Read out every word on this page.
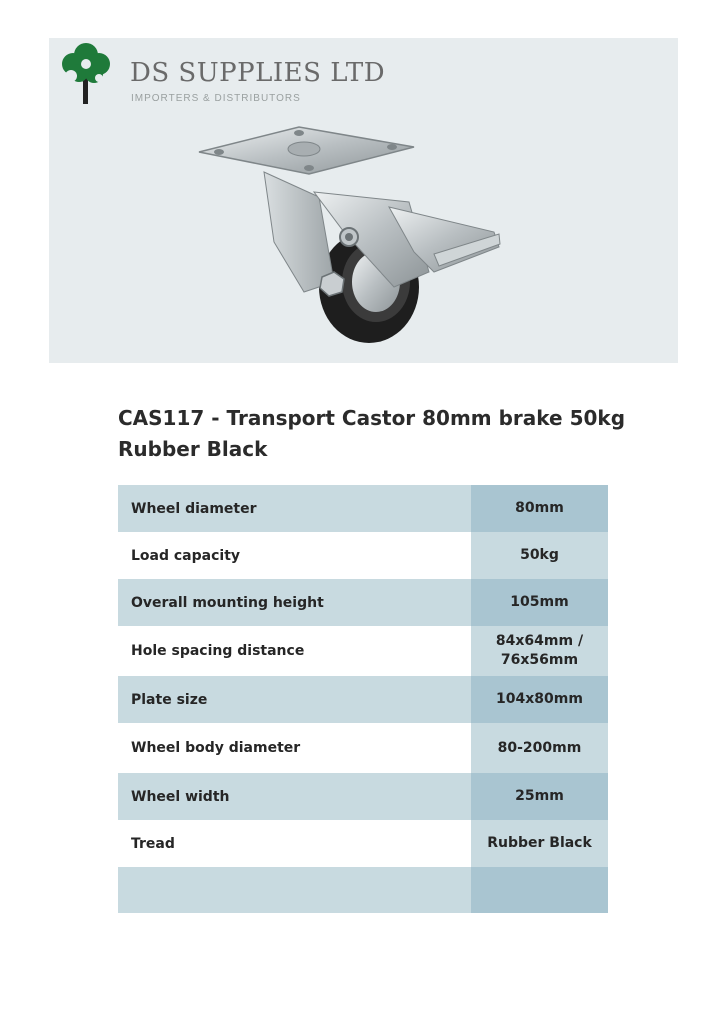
DS SUPPLIES LTD
IMPORTERS & DISTRIBUTORS
CAS117 - Transport Castor 80mm brake 50kg Rubber Black
Wheel diameter	80mm
Load capacity	50kg
Overall mounting height	105mm
Hole spacing distance	84x64mm / 76x56mm
Plate size	104x80mm
Wheel body diameter	80-200mm
Wheel width	25mm
Tread	Rubber Black
